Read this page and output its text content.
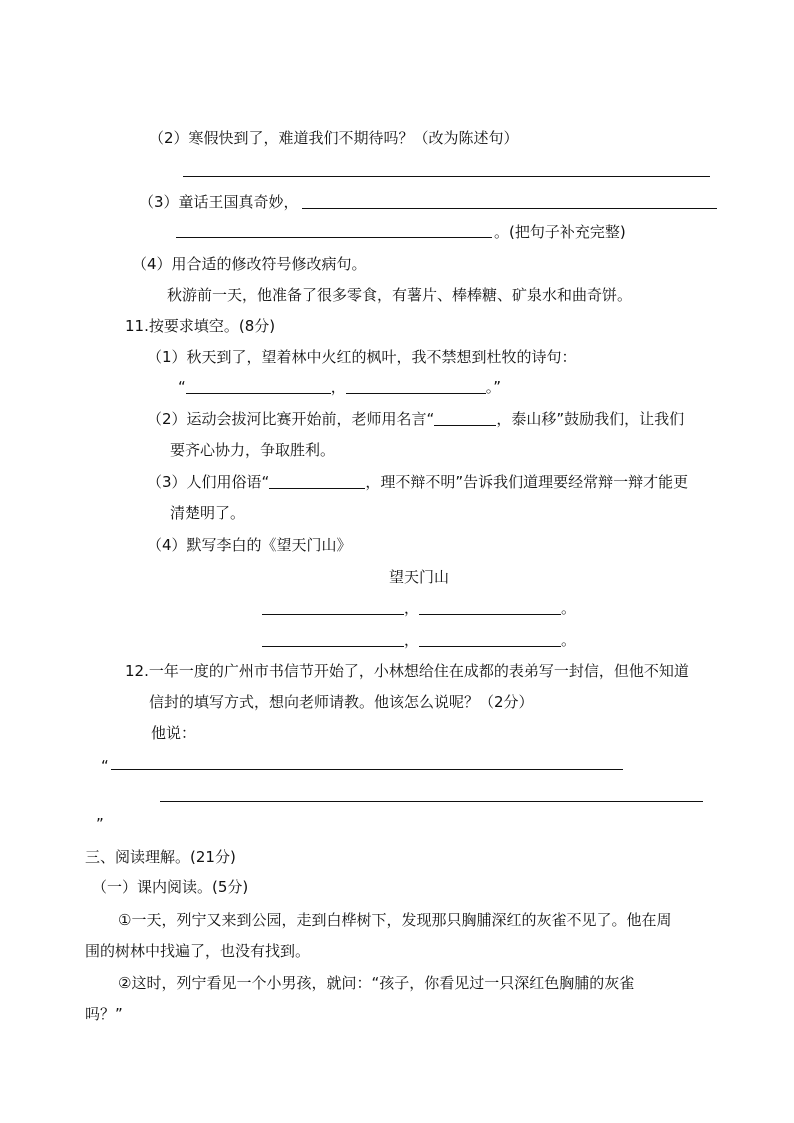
（2）寒假快到了，难道我们不期待吗？（改为陈述句）
（3）童话王国真奇妙，
。(把句子补充完整)
（4）用合适的修改符号修改病句。
秋游前一天，他准备了很多零食，有薯片、棒棒糖、矿泉水和曲奇饼。
11.按要求填空。(8分)
（1）秋天到了，望着林中火红的枫叶，我不禁想到杜牧的诗句：
“	，	。”
（2）运动会拔河比赛开始前，老师用名言“	，泰山移”鼓励我们，让我们
要齐心协力，争取胜利。
（3）人们用俗语“	，理不辩不明”告诉我们道理要经常辩一辩才能更
清楚明了。
（4）默写李白的《望天门山》
望天门山
，	。
，	。
12.一年一度的广州市书信节开始了，小林想给住在成都的表弟写一封信，但他不知道
信封的填写方式，想向老师请教。他该怎么说呢？（2分）
他说：
“
”
三、阅读理解。(21分)
（一）课内阅读。(5分)
①一天，列宁又来到公园，走到白桦树下，发现那只胸脯深红的灰雀不见了。他在周
围的树林中找遍了，也没有找到。
②这时，列宁看见一个小男孩，就问：“孩子，你看见过一只深红色胸脯的灰雀
吗？”
